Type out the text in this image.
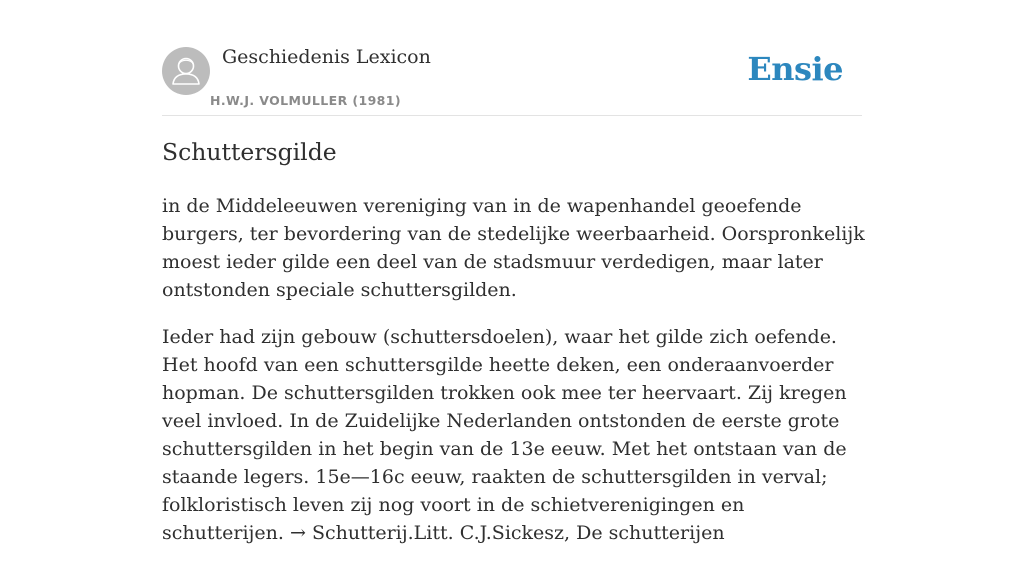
Geschiedenis Lexicon
H.W.J. VOLMULLER (1981)
Ensie
Schuttersgilde

in de Middeleeuwen vereniging van in de wapenhandel geoefende burgers, ter bevordering van de stedelijke weerbaarheid. Oorspronkelijk moest ieder gilde een deel van de stadsmuur verdedigen, maar later ontstonden speciale schuttersgilden.

Ieder had zijn gebouw (schuttersdoelen), waar het gilde zich oefende. Het hoofd van een schuttersgilde heette deken, een onderaanvoerder hopman. De schuttersgilden trokken ook mee ter heervaart. Zij kregen veel invloed. In de Zuidelijke Nederlanden ontstonden de eerste grote schuttersgilden in het begin van de 13e eeuw. Met het ontstaan van de staande legers. 15e—16c eeuw, raakten de schuttersgilden in verval; folkloristisch leven zij nog voort in de schietverenigingen en schutterijen. → Schutterij.Litt. C.J.Sickesz, De schutterijen
